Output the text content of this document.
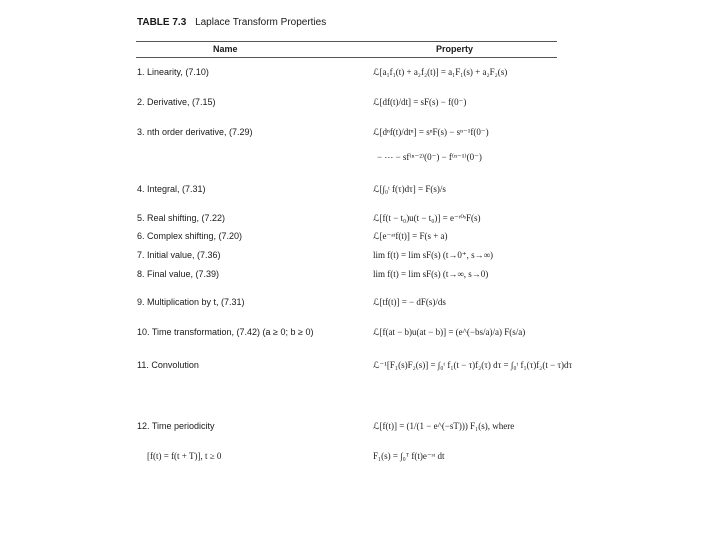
TABLE 7.3 Laplace Transform Properties
Name	Property
1. Linearity, (7.10)	ℒ[a₁f₁(t) + a₂f₂(t)] = a₁F₁(s) + a₂F₂(s)
2. Derivative, (7.15)	ℒ[df(t)/dt] = sF(s) − f(0⁻)
3. nth order derivative, (7.29)	ℒ[dⁿf(t)/dtⁿ] = sⁿF(s) − sⁿ⁻¹f(0⁻)
− ⋯ − sf⁽ⁿ⁻²⁾(0⁻) − f⁽ⁿ⁻¹⁾(0⁻)
4. Integral, (7.31)	ℒ[∫₀ᵗ f(τ)dτ] = F(s)/s
5. Real shifting, (7.22)	ℒ[f(t − t₀)u(t − t₀)] = e⁻ᵗ⁰ˢF(s)
6. Complex shifting, (7.20)	ℒ[e⁻ᵃᵗf(t)] = F(s + a)
7. Initial value, (7.36)	lim f(t) = lim sF(s) (t→0⁺, s→∞)
8. Final value, (7.39)	lim f(t) = lim sF(s) (t→∞, s→0)
9. Multiplication by t, (7.31)	ℒ[tf(t)] = − dF(s)/ds
10. Time transformation, (7.42) (a ≥ 0; b ≥ 0)	ℒ[f(at − b)u(at − b)] = (e^(−bs/a)/a) F(s/a)
11. Convolution	ℒ⁻¹[F₁(s)F₂(s)] = ∫₀ᵗ f₁(t − τ)f₂(τ) dτ = ∫₀ᵗ f₁(τ)f₂(t − τ)dτ
12. Time periodicity	ℒ[f(t)] = (1/(1 − e^(−sT))) F₁(s), where
[f(t) = f(t + T)], t ≥ 0	F₁(s) = ∫₀ᵀ f(t)e⁻ˢᵗ dt
